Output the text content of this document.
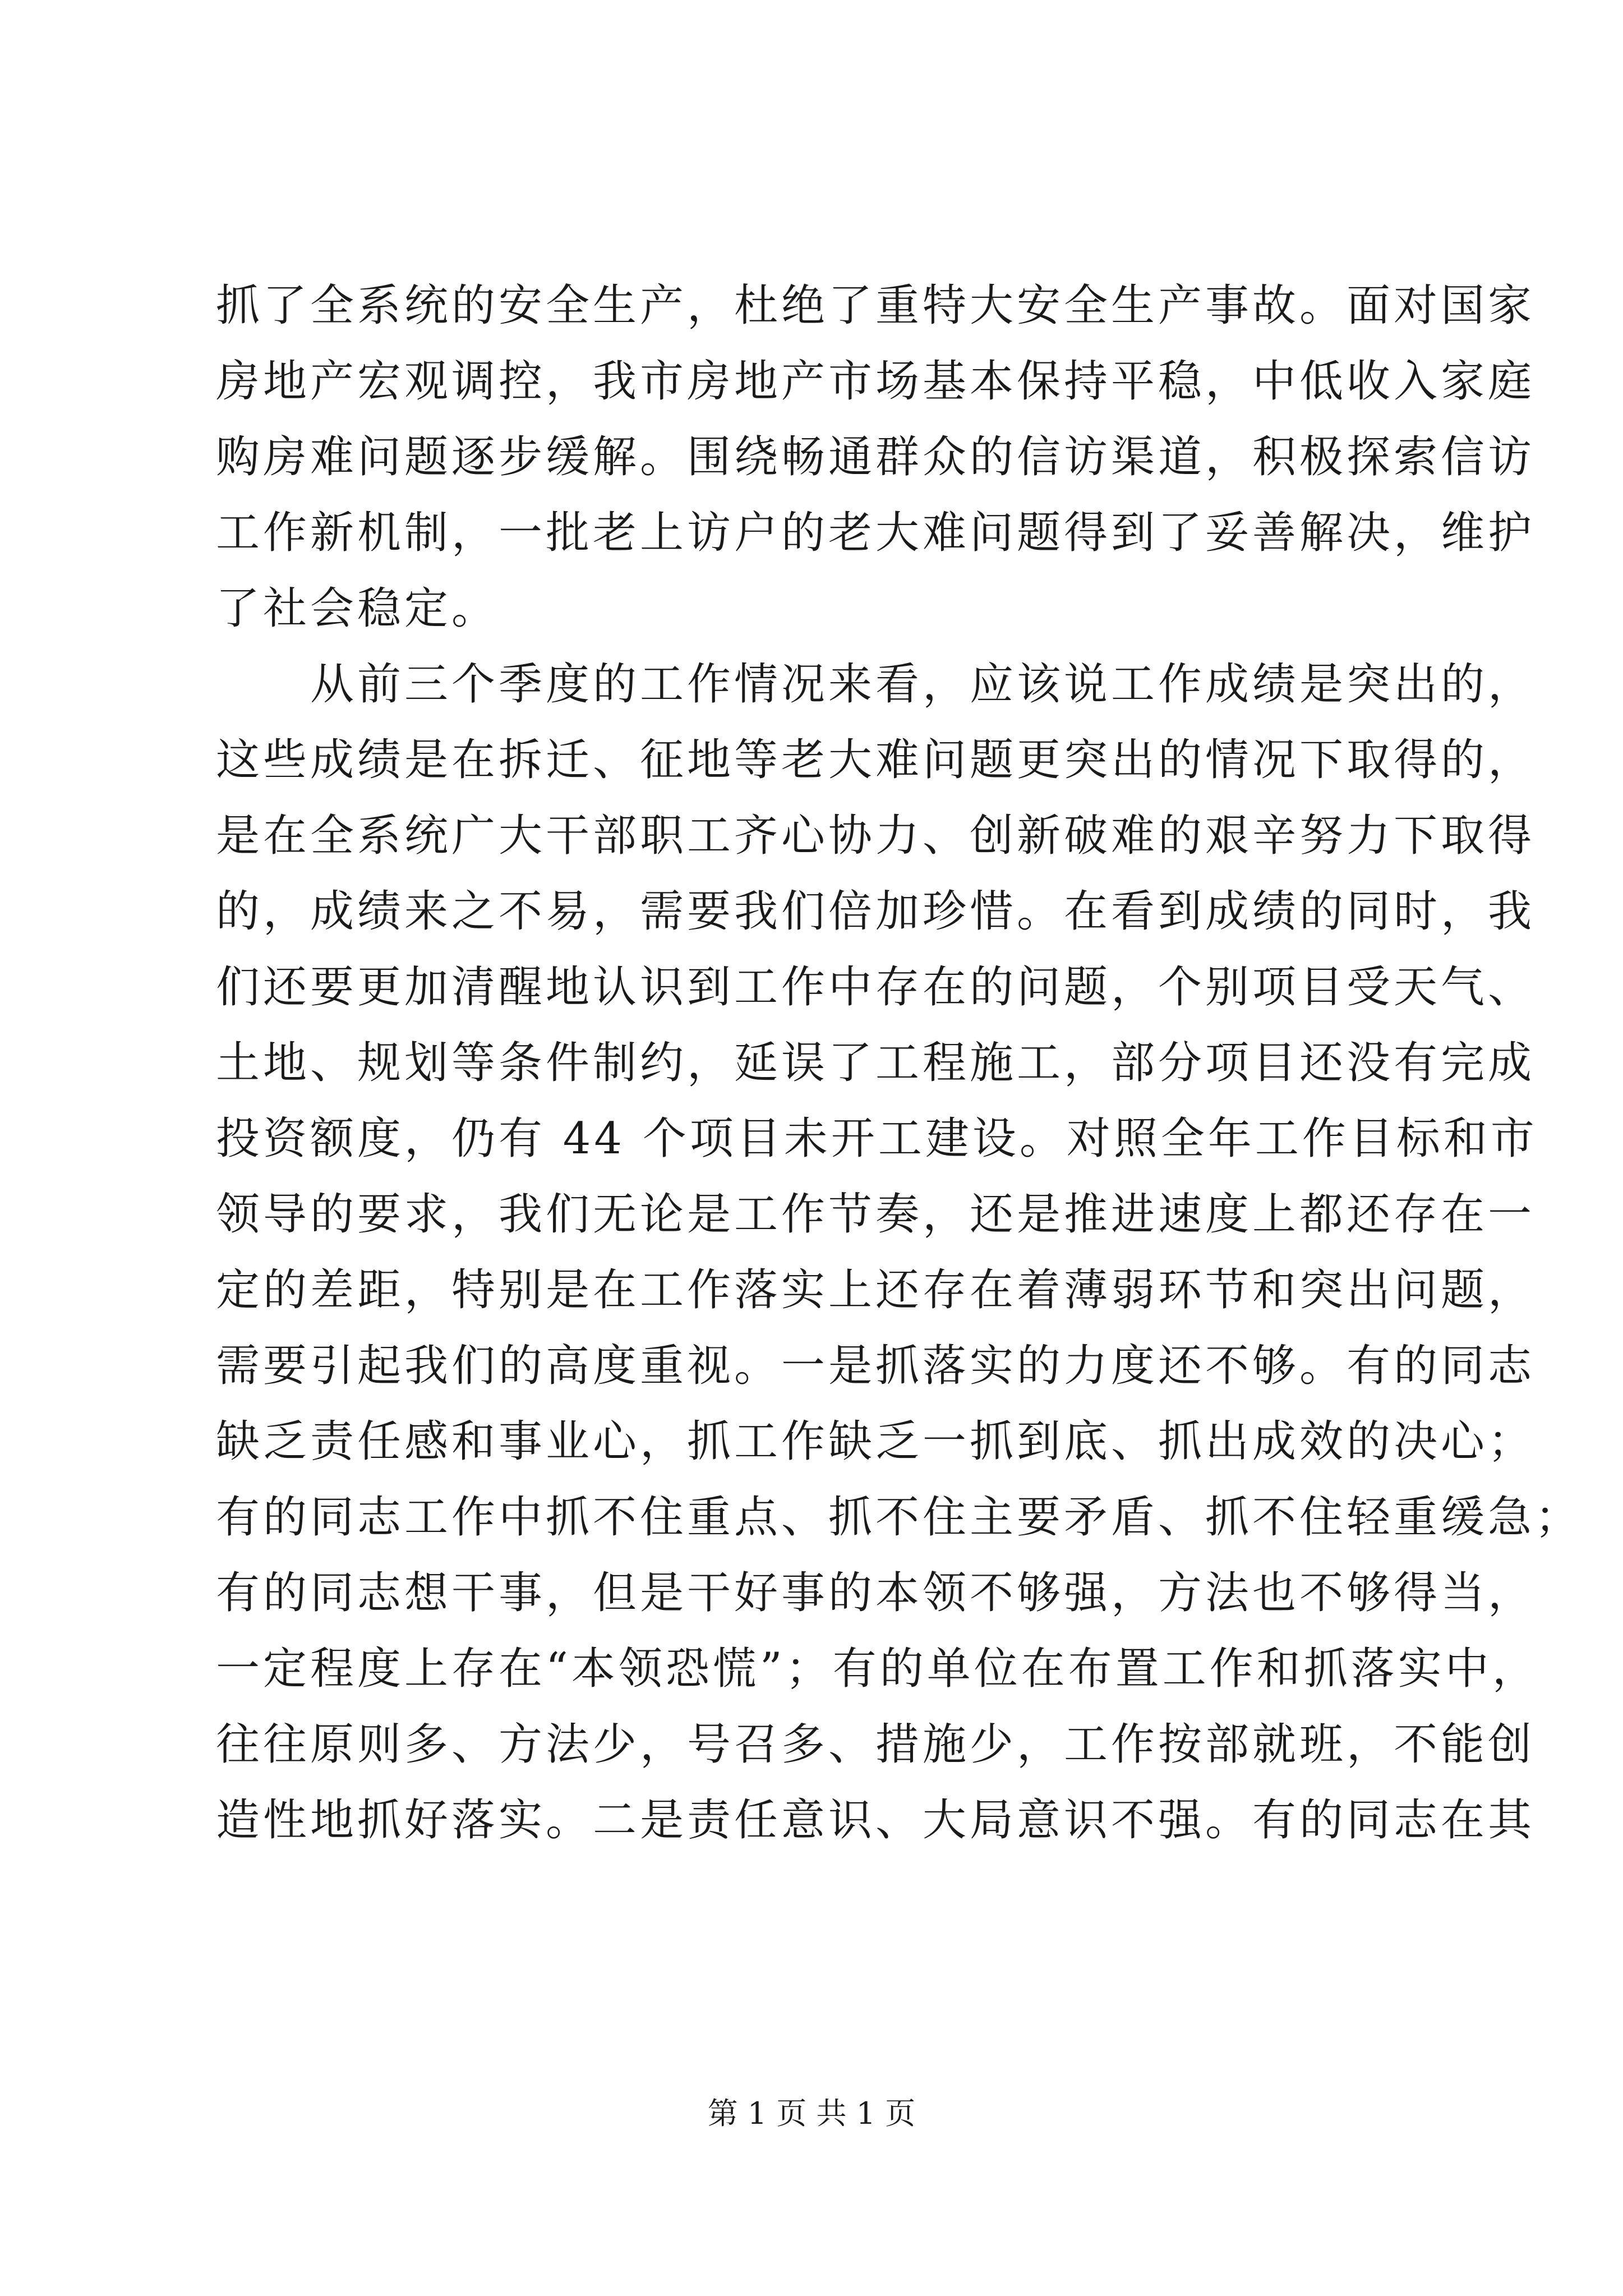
抓了全系统的安全生产，杜绝了重特大安全生产事故。面对国家
房地产宏观调控，我市房地产市场基本保持平稳，中低收入家庭
购房难问题逐步缓解。围绕畅通群众的信访渠道，积极探索信访
工作新机制，一批老上访户的老大难问题得到了妥善解决，维护
了社会稳定。
从前三个季度的工作情况来看，应该说工作成绩是突出的，
这些成绩是在拆迁、征地等老大难问题更突出的情况下取得的，
是在全系统广大干部职工齐心协力、创新破难的艰辛努力下取得
的，成绩来之不易，需要我们倍加珍惜。在看到成绩的同时，我
们还要更加清醒地认识到工作中存在的问题，个别项目受天气、
土地、规划等条件制约，延误了工程施工，部分项目还没有完成
投资额度，仍有 44 个项目未开工建设。对照全年工作目标和市
领导的要求，我们无论是工作节奏，还是推进速度上都还存在一
定的差距，特别是在工作落实上还存在着薄弱环节和突出问题，
需要引起我们的高度重视。一是抓落实的力度还不够。有的同志
缺乏责任感和事业心，抓工作缺乏一抓到底、抓出成效的决心；
有的同志工作中抓不住重点、抓不住主要矛盾、抓不住轻重缓急；
有的同志想干事，但是干好事的本领不够强，方法也不够得当，
一定程度上存在“本领恐慌”；有的单位在布置工作和抓落实中，
往往原则多、方法少，号召多、措施少，工作按部就班，不能创
造性地抓好落实。二是责任意识、大局意识不强。有的同志在其
第 1 页 共 1 页
